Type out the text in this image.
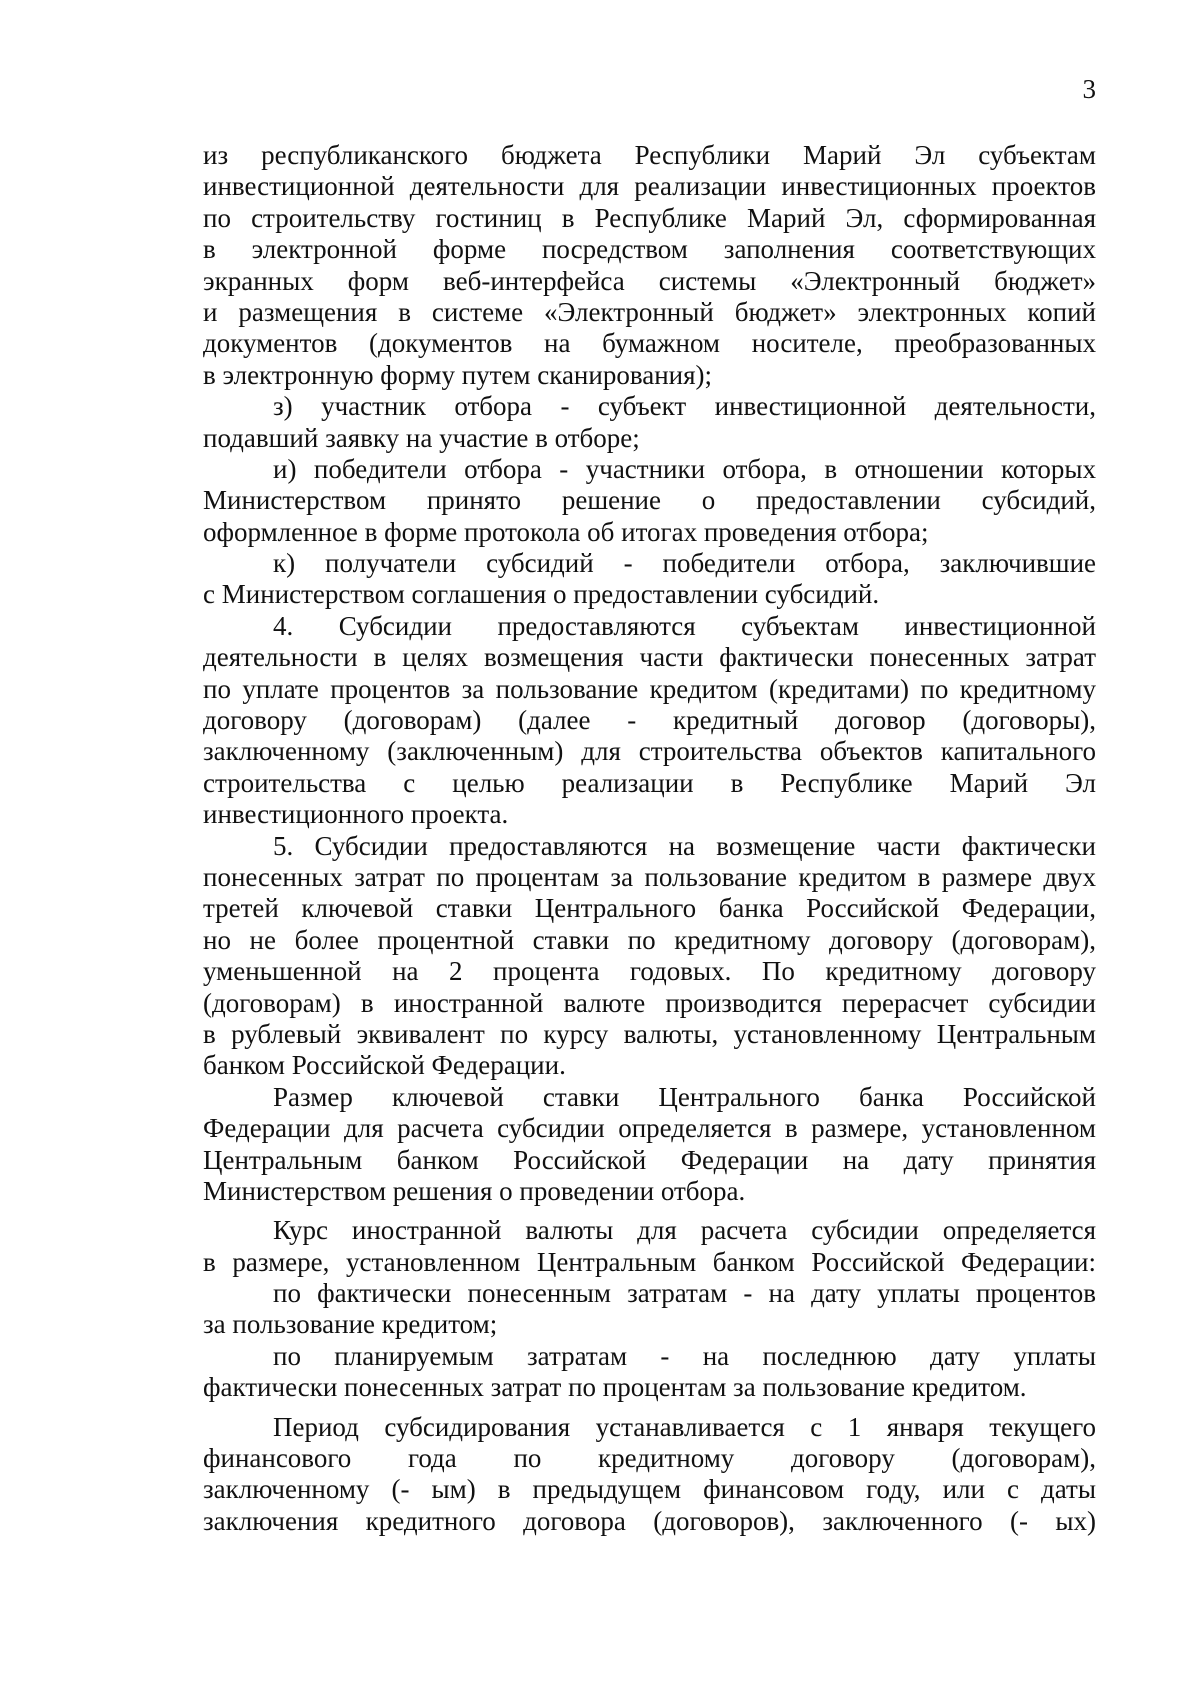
3
из республиканского бюджета Республики Марий Эл субъектам
инвестиционной деятельности для реализации инвестиционных проектов
по строительству гостиниц в Республике Марий Эл, сформированная
в электронной форме посредством заполнения соответствующих
экранных форм веб-интерфейса системы «Электронный бюджет»
и размещения в системе «Электронный бюджет» электронных копий
документов (документов на бумажном носителе, преобразованных
в электронную форму путем сканирования);
з) участник отбора - субъект инвестиционной деятельности,
подавший заявку на участие в отборе;
и) победители отбора - участники отбора, в отношении которых
Министерством принято решение о предоставлении субсидий,
оформленное в форме протокола об итогах проведения отбора;
к) получатели субсидий - победители отбора, заключившие
с Министерством соглашения о предоставлении субсидий.
4. Субсидии предоставляются субъектам инвестиционной
деятельности в целях возмещения части фактически понесенных затрат
по уплате процентов за пользование кредитом (кредитами) по кредитному
договору (договорам) (далее - кредитный договор (договоры),
заключенному (заключенным) для строительства объектов капитального
строительства с целью реализации в Республике Марий Эл
инвестиционного проекта.
5. Субсидии предоставляются на возмещение части фактически
понесенных затрат по процентам за пользование кредитом в размере двух
третей ключевой ставки Центрального банка Российской Федерации,
но не более процентной ставки по кредитному договору (договорам),
уменьшенной на 2 процента годовых. По кредитному договору
(договорам) в иностранной валюте производится перерасчет субсидии
в рублевый эквивалент по курсу валюты, установленному Центральным
банком Российской Федерации.
Размер ключевой ставки Центрального банка Российской
Федерации для расчета субсидии определяется в размере, установленном
Центральным банком Российской Федерации на дату принятия
Министерством решения о проведении отбора.
Курс иностранной валюты для расчета субсидии определяется
в размере, установленном Центральным банком Российской Федерации:
по фактически понесенным затратам - на дату уплаты процентов
за пользование кредитом;
по планируемым затратам - на последнюю дату уплаты
фактически понесенных затрат по процентам за пользование кредитом.
Период субсидирования устанавливается с 1 января текущего
финансового года по кредитному договору (договорам),
заключенному (- ым) в предыдущем финансовом году, или с даты
заключения кредитного договора (договоров), заключенного (- ых)
